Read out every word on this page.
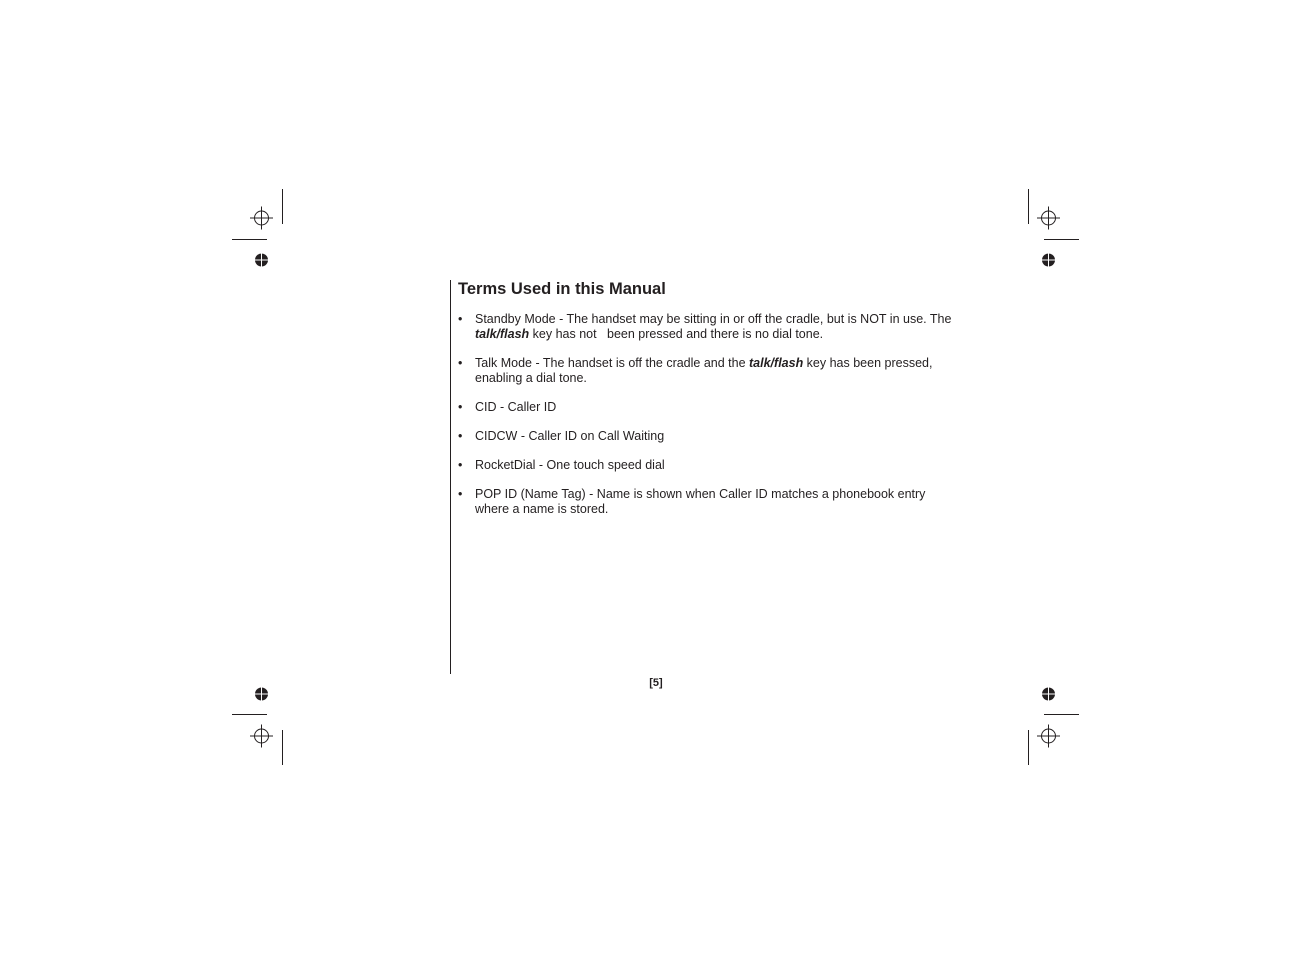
Terms Used in this Manual
• Standby Mode - The handset may be sitting in or off the cradle, but is NOT in use. The
talk/flash key has not   been pressed and there is no dial tone.
• Talk Mode - The handset is off the cradle and the talk/flash key has been pressed,
enabling a dial tone.
• CID - Caller ID
• CIDCW - Caller ID on Call Waiting
• RocketDial - One touch speed dial
• POP ID (Name Tag) - Name is shown when Caller ID matches a phonebook entry
where a name is stored.
[5]
